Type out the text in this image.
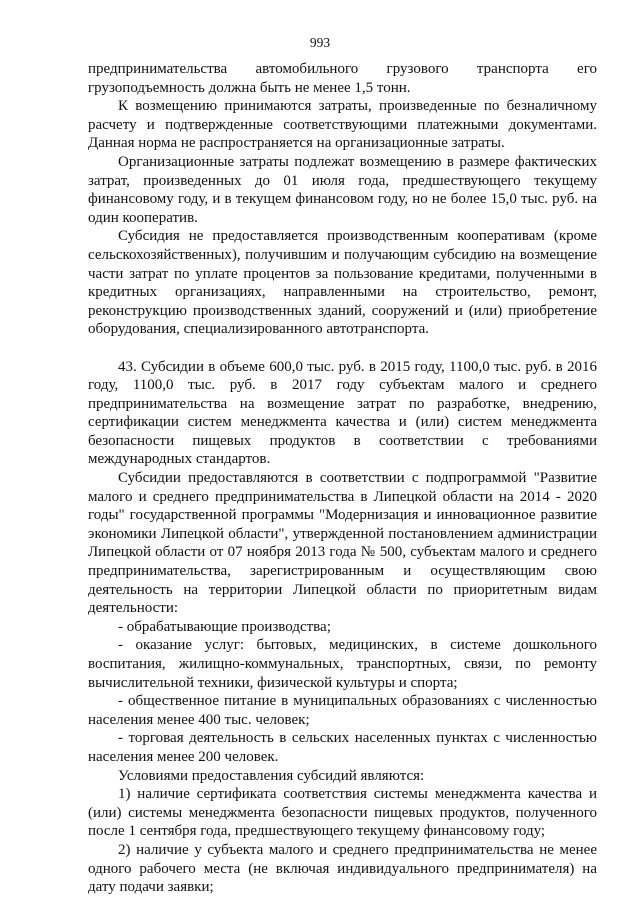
993

предпринимательства автомобильного грузового транспорта его грузоподъемность должна быть не менее 1,5 тонн.

К возмещению принимаются затраты, произведенные по безналичному расчету и подтвержденные соответствующими платежными документами. Данная норма не распространяется на организационные затраты.

Организационные затраты подлежат возмещению в размере фактических затрат, произведенных до 01 июля года, предшествующего текущему финансовому году, и в текущем финансовом году, но не более 15,0 тыс. руб. на один кооператив.

Субсидия не предоставляется производственным кооперативам (кроме сельскохозяйственных), получившим и получающим субсидию на возмещение части затрат по уплате процентов за пользование кредитами, полученными в кредитных организациях, направленными на строительство, ремонт, реконструкцию производственных зданий, сооружений и (или) приобретение оборудования, специализированного автотранспорта.

43. Субсидии в объеме 600,0 тыс. руб. в 2015 году, 1100,0 тыс. руб. в 2016 году, 1100,0 тыс. руб. в 2017 году субъектам малого и среднего предпринимательства на возмещение затрат по разработке, внедрению, сертификации систем менеджмента качества и (или) систем менеджмента безопасности пищевых продуктов в соответствии с требованиями международных стандартов.

Субсидии предоставляются в соответствии с подпрограммой "Развитие малого и среднего предпринимательства в Липецкой области на 2014 - 2020 годы" государственной программы "Модернизация и инновационное развитие экономики Липецкой области", утвержденной постановлением администрации Липецкой области от 07 ноября 2013 года № 500, субъектам малого и среднего предпринимательства, зарегистрированным и осуществляющим свою деятельность на территории Липецкой области по приоритетным видам деятельности:

- обрабатывающие производства;

- оказание услуг: бытовых, медицинских, в системе дошкольного воспитания, жилищно-коммунальных, транспортных, связи, по ремонту вычислительной техники, физической культуры и спорта;

- общественное питание в муниципальных образованиях с численностью населения менее 400 тыс. человек;

- торговая деятельность в сельских населенных пунктах с численностью населения менее 200 человек.

Условиями предоставления субсидий являются:

1) наличие сертификата соответствия системы менеджмента качества и (или) системы менеджмента безопасности пищевых продуктов, полученного после 1 сентября года, предшествующего текущему финансовому году;

2) наличие у субъекта малого и среднего предпринимательства не менее одного рабочего места (не включая индивидуального предпринимателя) на дату подачи заявки;
